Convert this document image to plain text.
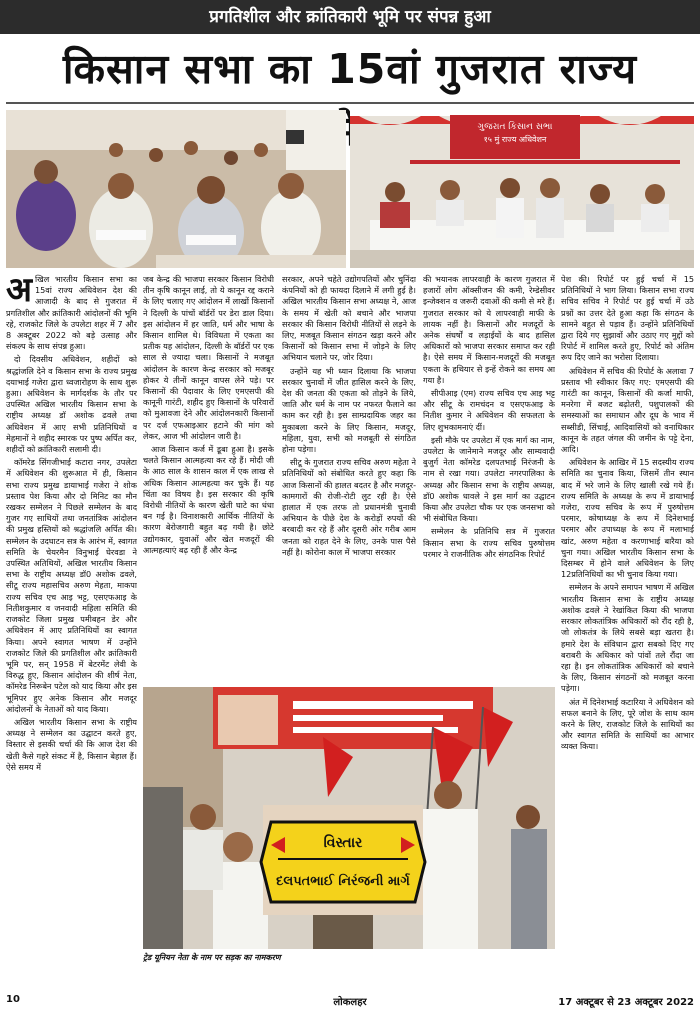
प्रगतिशील और क्रांतिकारी भूमि पर संपन्न हुआ
किसान सभा का 15वां गुजरात राज्य
ગુજરાત કિસાન સભા
१५ मुं राज्य अधिवेशन
अ खिल भारतीय किसान सभा का 15वां राज्य अधिवेशन देश की आजादी के बाद से गुजरात में प्रगतिशील और क्रांतिकारी आंदोलनों की भूमि रहे, राजकोट जिले के उपलेटा शहर में 7 और 8 अक्टूबर 2022 को बड़े उत्साह और संकल्प के साथ संपन्न हुआ।

दो दिवसीय अधिवेशन, शहीदों को श्रद्धांजलि देने व किसान सभा के राज्य प्रमुख दयाभाई गजेरा द्वारा ध्वजारोहण के साथ शुरू हुआ। अधिवेशन के मार्गदर्शक के तौर पर उपस्थित अखिल भारतीय किसान सभा के राष्ट्रीय अध्यक्ष डॉ अशोक ढवले तथा अधिवेशन में आए सभी प्रतिनिधियों व मेहमानों ने शहीद स्मारक पर पुष्प अर्पित कर, शहीदों को क्रांतिकारी सलामी दी।

कॉमरेड सिंगजीभाई कटारा नगर, उपलेटा में अधिवेशन की शुरूआत में ही, किसान सभा राज्य प्रमुख डायाभाई गजेरा ने शोक प्रस्ताव पेश किया और दो मिनिट का मौन रखकर सम्मेलन ने पिछले सम्मेलन के बाद गुजर गए साथियों तथा जनतांत्रिक आंदोलन की प्रमुख हस्तियों को श्रद्धांजलि अर्पित की। सम्मेलन के उदघाटन सत्र के आरंभ में, स्वागत समिति के चेयरमैन विनुभाई घेरवडा ने उपस्थित अतिथियों, अखिल भारतीय किसान सभा के राष्ट्रीय अध्यक्ष डॉ0 अशोक ढवले, सीटू राज्य महासचिव अरुण मेहता, माकपा राज्य सचिव एच आइ भट्ट, एसएफआइ के नितीशकुमार व जनवादी महिला समिति की राजकोट जिला प्रमुख पमीबहन डेर और अधिवेशन में आए प्रतिनिधियों का स्वागत किया। अपने स्वागत भाषण में उन्होंने राजकोट जिले की प्रगतिशील और क्रांतिकारी भूमि पर, सन् 1958 में बेटरमेंट लेवी के विरुद्ध हुए, किसान आंदोलन की शीर्ष नेता, कॉमरेड निरूबेन पटेल को याद किया और इस भूमिपर हुए अनेक किसान और मजदूर आंदोलनों के नेताओं को याद किया।

अखिल भारतीय किसान सभा के राष्ट्रीय अध्यक्ष ने सम्मेलन का उद्घाटन करते हुए, विस्तार से इसकी चर्चा की कि आज देश की खेती कैसे गहरे संकट में है, किसान बेहाल हैं। ऐसे समय में

जब केन्द्र की भाजपा सरकार किसान विरोधी तीन कृषि कानून लाई, तो ये कानून रद्द कराने के लिए चलाए गए आंदोलन में लाखों किसानों ने दिल्ली के पांचों बॉर्डरों पर डेरा डाल दिया। इस आंदोलन में हर जाति, धर्म और भाषा के किसान शामिल थे। विविधता में एकता का प्रतीक यह आंदोलन, दिल्ली के बॉर्डरों पर एक साल से ज्यादा चला। किसानों ने मजबूत आंदोलन के कारण केन्द्र सरकार को मजबूर होकर ये तीनों कानून वापस लेने पड़े। पर किसानों की पैदावार के लिए एमएसपी की कानूनी गारंटी, शहीद हुए किसानों के परिवारों को मुआवजा देने और आंदोलनकारी किसानों पर दर्ज एफआइआर हटाने की मांग को लेकर, आज भी आंदोलन जारी है।

आज किसान कर्ज में डूबा हुआ है। इसके चलते किसान आत्महत्या कर रहे हैं। मोदी जी के आठ साल के शासन काल में एक लाख से अधिक किसान आत्महत्या कर चुके हैं। यह चिंता का विषय है। इस सरकार की कृषि विरोधी नीतियों के कारण खेती घाटे का धंधा बन गई है। विनाशकारी आर्थिक नीतियों के कारण बेरोजगारी बहुत बढ़ गयी है। छोटे उद्योगकार, युवाओं और खेत मजदूरों की आत्महत्याएं बढ़ रही हैं और केन्द्र

सरकार, अपने चहेते उद्योगपतियों और चुनिंदा कंपनियों को ही फायदा दिलाने में लगी हुई है। अखिल भारतीय किसान सभा अध्यक्ष ने, आज के समय में खेती को बचाने और भाजपा सरकार की किसान विरोधी नीतियों से लड़ने के लिए, मजबूत किसान संगठन खड़ा करने और किसानों को किसान सभा में जोड़ने के लिए अभियान चलाने पर, जोर दिया।

उन्होंने यह भी ध्यान दिलाया कि भाजपा सरकार चुनावों में जीत हासिल करने के लिए, देश की जनता की एकता को तोड़ने के लिये, जाति और धर्म के नाम पर नफरत फैलाने का काम कर रही है। इस साम्प्रदायिक जहर का मुकाबला करने के लिए किसान, मजदूर, महिला, युवा, सभी को मजबूती से संगठित होना पड़ेगा।

सीटू के गुजरात राज्य सचिव अरुण महेता ने प्रतिनिधियों को संबोधित करते हुए कहा कि आज किसानों की हालत बदतर है और मजदूर-कामगारों की रोजी-रोटी लुट रही है। ऐसे हालात में एक तरफ तो प्रधानमंत्री चुनावी अभियान के पीछे देश के करोड़ों रुपयों की बरबादी कर रहे हैं और दूसरी ओर गरीब आम जनता को राहत देने के लिए, उनके पास पैसे नहीं है। कोरोना काल में भाजपा सरकार

की भयानक लापरवाही के कारण गुजरात में हजारों लोग ऑक्सीजन की कमी, रेम्डेसीवर इन्जेक्शन व जरूरी दवाओं की कमी से मरे हैं। गुजरात सरकार को ये लापरवाही माफी के लायक नहीं है। किसानों और मजदूरों के अनेक संघर्षों व लड़ाईयों के बाद हासिल अधिकारों को भाजपा सरकार समाप्त कर रही है। ऐसे समय में किसान-मजदूरों की मजबूत एकता के हथियार से इन्हें रोकने का समय आ गया है।

सीपीआइ (एम) राज्य सचिव एच आइ भट्ट और सीटू के रामचंदन व एसएफआइ के नितीश कुमार ने अधिवेशन की सफलता के लिए शुभकामनाएं दीं।

इसी मौके पर उपलेटा में एक मार्ग का नाम, उपलेटा के जानेमाने मजदूर और साम्यवादी बुजुर्ग नेता कॉमरेड दलपतभाई निरंजनी के नाम से रखा गया। उपलेटा नगरपालिका के अध्यक्ष और किसान सभा के राष्ट्रीय अध्यक्ष, डॉ0 अशोक धावले ने इस मार्ग का उद्घाटन किया और उपलेटा चौक पर एक जनसभा को भी संबोधित किया।

सम्मेलन के प्रतिनिधि सत्र में गुजरात किसान सभा के राज्य सचिव पुरुषोत्तम परमार ने राजनीतिक और संगठनिक रिपोर्ट

पेश की। रिपोर्ट पर हुई चर्चा में 15 प्रतिनिधियों ने भाग लिया। किसान सभा राज्य सचिव सचिव ने रिपोर्ट पर हुई चर्चा में उठे प्रश्नों का उत्तर देते हुआ कहा कि संगठन के सामने बहुत से पड़ाव हैं। उन्होंने प्रतिनिधियों द्वारा दिये गए सुझावों और उठाए गए मुद्दों को रिपोर्ट में शामिल करते हुए, रिपोर्ट को अंतिम रूप दिए जाने का भरोसा दिलाया।

अधिवेशन में सचिव की रिपोर्ट के अलावा 7 प्रस्ताव भी स्वीकार किए गए: एमएसपी की गारंटी का कानून, किसानों की कर्जा माफी, मनरेगा में बजट बढ़ोतरी, पशुपालकों की समस्याओं का समाधान और दूध के भाव में सब्सीडी, सिंचाई, आदिवासियों को वनाधिकार कानून के तहत जंगल की जमीन के पट्टे देना, आदि।

अधिवेशन के आखिर में 15 सदस्यीय राज्य समिति का चुनाव किया, जिसमें तीन स्थान बाद में भरे जाने के लिए खाली रखे गये हैं। राज्य समिति के अध्यक्ष के रूप में डायाभाई गजेरा, राज्य सचिव के रूप में पुरुषोत्तम परमार, कोषाध्यक्ष के रूप में दिनेशभाई परमार और उपाध्यक्ष के रूप में मलाभाई खांट, अरुण महेता व करणाभाई बारैया को चुना गया। अखिल भारतीय किसान सभा के दिसम्बर में होने वाले अधिवेशन के लिए 12प्रतिनिधियों का भी चुनाव किया गया।

सम्मेलन के अपने समापन भाषण में अखिल भारतीय किसान सभा के राष्ट्रीय अध्यक्ष अशोक ढवले ने रेखांकित किया की भाजपा सरकार लोकतांत्रिक अधिकारों को रौंद रही है, जो लोकतंत्र के लिये सबसे बड़ा खतरा है। हमारे देश के संविधान द्वारा सबको दिए गए बराबरी के अधिकार को पांवों तले रौंदा जा रहा है। इन लोकतांत्रिक अधिकारों को बचाने के लिए, किसान संगठनों को मजबूत करना पड़ेगा।

अंत में दिनेशभाई कटारिया ने अधिवेशन को सफल बनाने के लिए, पूरे जोश के साथ काम करने के लिए, राजकोट जिले के साथियों का और स्वागत समिति के साथियों का आभार व्यक्त किया।

વિસ્તાર
દલપતભાઈ નિરંજની માર્ગ
ट्रेड यूनियन नेता के नाम पर सड़क का नामकरण
10	लोकलहर	17 अक्टूबर से 23 अक्टूबर 2022
